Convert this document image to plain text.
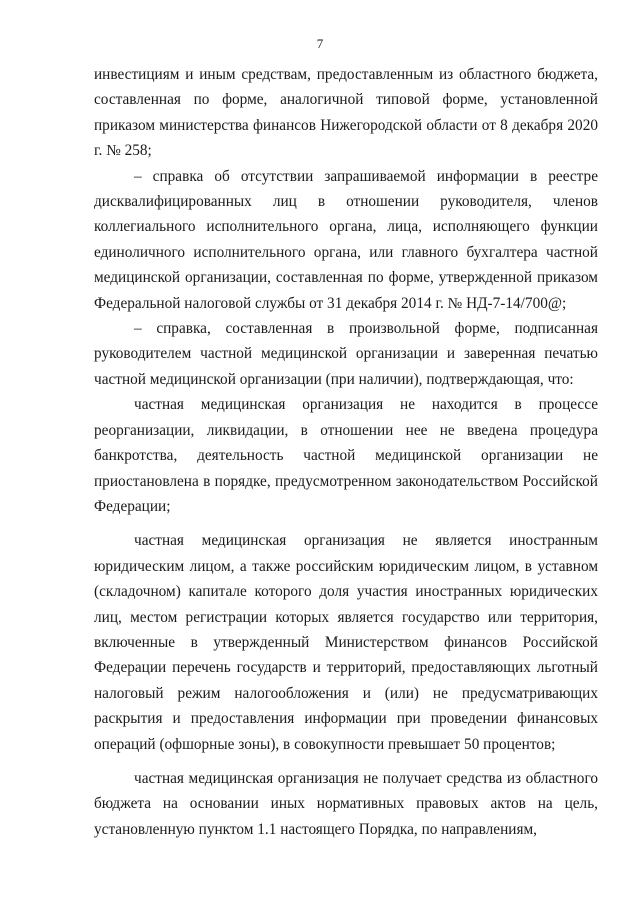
7

инвестициям и иным средствам, предоставленным из областного бюджета, составленная по форме, аналогичной типовой форме, установленной приказом министерства финансов Нижегородской области от 8 декабря 2020 г. № 258;

– справка об отсутствии запрашиваемой информации в реестре дисквалифицированных лиц в отношении руководителя, членов коллегиального исполнительного органа, лица, исполняющего функции единоличного исполнительного органа, или главного бухгалтера частной медицинской организации, составленная по форме, утвержденной приказом Федеральной налоговой службы от 31 декабря 2014 г. № НД-7-14/700@;

– справка, составленная в произвольной форме, подписанная руководителем частной медицинской организации и заверенная печатью частной медицинской организации (при наличии), подтверждающая, что:

частная медицинская организация не находится в процессе реорганизации, ликвидации, в отношении нее не введена процедура банкротства, деятельность частной медицинской организации не приостановлена в порядке, предусмотренном законодательством Российской Федерации;

частная медицинская организация не является иностранным юридическим лицом, а также российским юридическим лицом, в уставном (складочном) капитале которого доля участия иностранных юридических лиц, местом регистрации которых является государство или территория, включенные в утвержденный Министерством финансов Российской Федерации перечень государств и территорий, предоставляющих льготный налоговый режим налогообложения и (или) не предусматривающих раскрытия и предоставления информации при проведении финансовых операций (офшорные зоны), в совокупности превышает 50 процентов;

частная медицинская организация не получает средства из областного бюджета на основании иных нормативных правовых актов на цель, установленную пунктом 1.1 настоящего Порядка, по направлениям,
